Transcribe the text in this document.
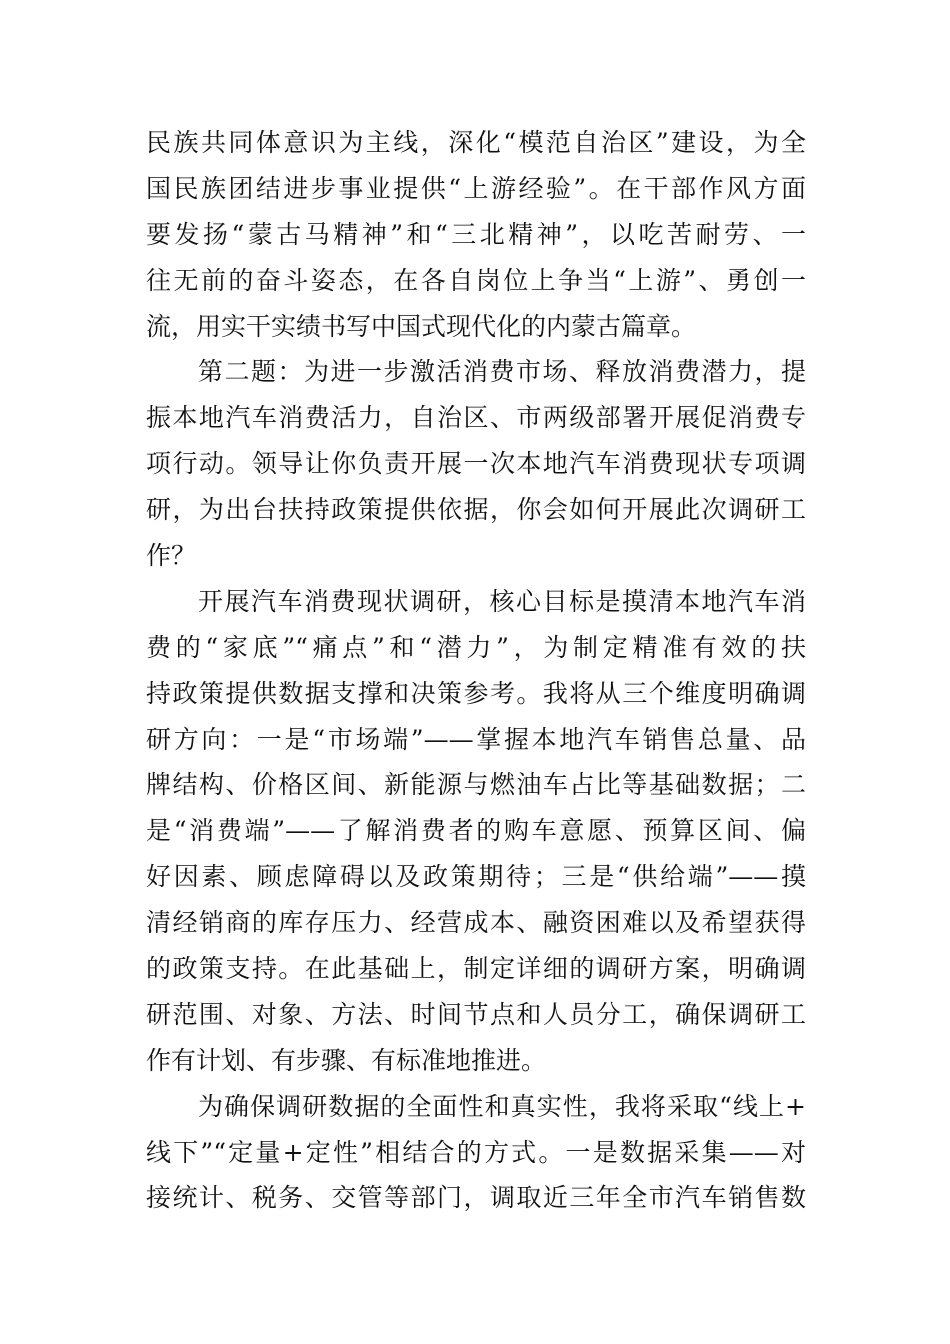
民族共同体意识为主线，深化“模范自治区”建设，为全
国民族团结进步事业提供“上游经验”。在干部作风方面
要发扬“蒙古马精神”和“三北精神”，以吃苦耐劳、一
往无前的奋斗姿态，在各自岗位上争当“上游”、勇创一
流，用实干实绩书写中国式现代化的内蒙古篇章。
第二题：为进一步激活消费市场、释放消费潜力，提
振本地汽车消费活力，自治区、市两级部署开展促消费专
项行动。领导让你负责开展一次本地汽车消费现状专项调
研，为出台扶持政策提供依据，你会如何开展此次调研工
作？
开展汽车消费现状调研，核心目标是摸清本地汽车消
费的“家底”“痛点”和“潜力”，为制定精准有效的扶
持政策提供数据支撑和决策参考。我将从三个维度明确调
研方向：一是“市场端”——掌握本地汽车销售总量、品
牌结构、价格区间、新能源与燃油车占比等基础数据；二
是“消费端”——了解消费者的购车意愿、预算区间、偏
好因素、顾虑障碍以及政策期待；三是“供给端”——摸
清经销商的库存压力、经营成本、融资困难以及希望获得
的政策支持。在此基础上，制定详细的调研方案，明确调
研范围、对象、方法、时间节点和人员分工，确保调研工
作有计划、有步骤、有标准地推进。
为确保调研数据的全面性和真实性，我将采取“线上+
线下”“定量+定性”相结合的方式。一是数据采集——对
接统计、税务、交管等部门，调取近三年全市汽车销售数
